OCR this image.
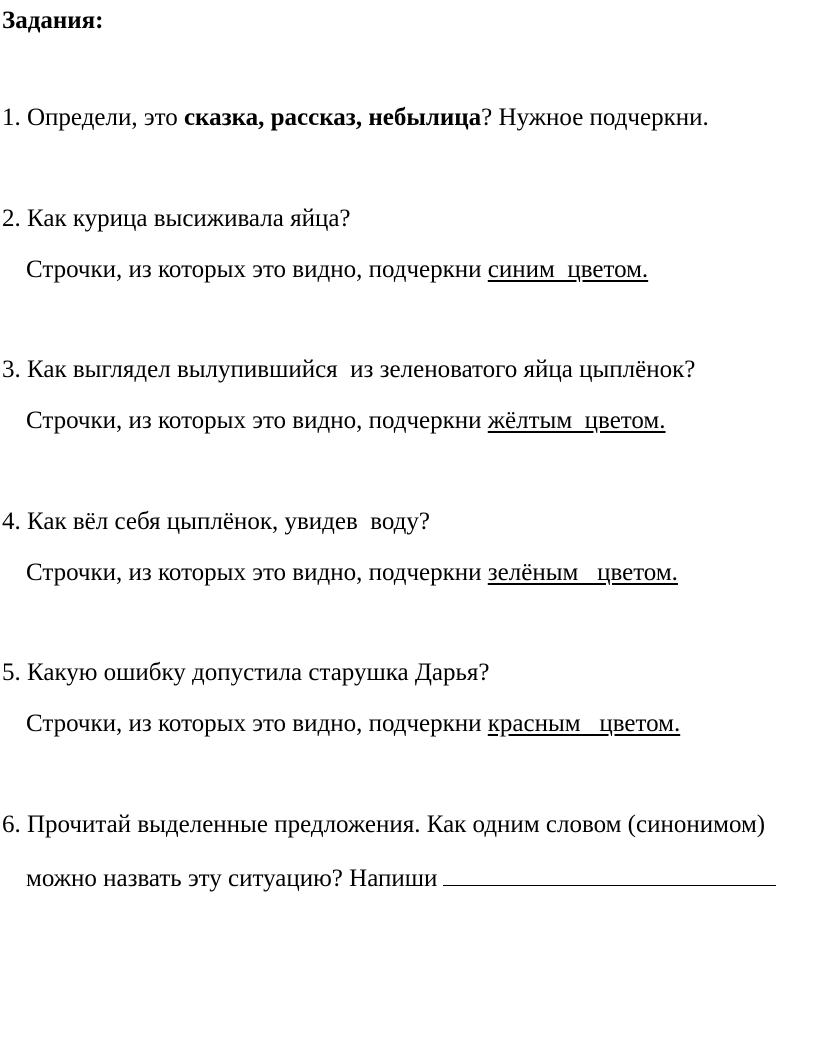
Задания:
1. Определи, это сказка, рассказ, небылица? Нужное подчеркни.
2. Как курица высиживала яйца?
Строчки, из которых это видно, подчеркни синим  цветом.
3. Как выглядел вылупившийся  из зеленоватого яйца цыплёнок?
Строчки, из которых это видно, подчеркни жёлтым  цветом.
4. Как вёл себя цыплёнок, увидев  воду?
Строчки, из которых это видно, подчеркни зелёным   цветом.
5. Какую ошибку допустила старушка Дарья?
Строчки, из которых это видно, подчеркни красным   цветом.
6. Прочитай выделенные предложения. Как одним словом (синонимом)
можно назвать эту ситуацию? Напиши
